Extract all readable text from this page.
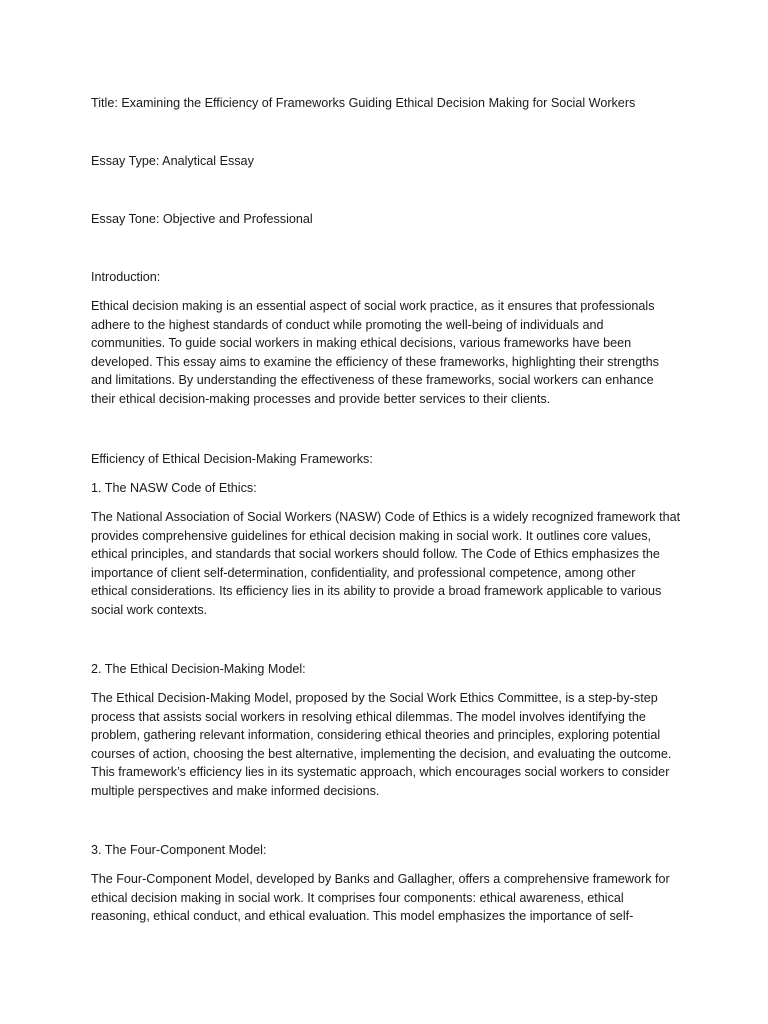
Title: Examining the Efficiency of Frameworks Guiding Ethical Decision Making for Social Workers

Essay Type: Analytical Essay

Essay Tone: Objective and Professional

Introduction:

Ethical decision making is an essential aspect of social work practice, as it ensures that professionals
adhere to the highest standards of conduct while promoting the well-being of individuals and
communities. To guide social workers in making ethical decisions, various frameworks have been
developed. This essay aims to examine the efficiency of these frameworks, highlighting their strengths
and limitations. By understanding the effectiveness of these frameworks, social workers can enhance
their ethical decision-making processes and provide better services to their clients.

Efficiency of Ethical Decision-Making Frameworks:

1. The NASW Code of Ethics:

The National Association of Social Workers (NASW) Code of Ethics is a widely recognized framework that
provides comprehensive guidelines for ethical decision making in social work. It outlines core values,
ethical principles, and standards that social workers should follow. The Code of Ethics emphasizes the
importance of client self-determination, confidentiality, and professional competence, among other
ethical considerations. Its efficiency lies in its ability to provide a broad framework applicable to various
social work contexts.

2. The Ethical Decision-Making Model:

The Ethical Decision-Making Model, proposed by the Social Work Ethics Committee, is a step-by-step
process that assists social workers in resolving ethical dilemmas. The model involves identifying the
problem, gathering relevant information, considering ethical theories and principles, exploring potential
courses of action, choosing the best alternative, implementing the decision, and evaluating the outcome.
This framework’s efficiency lies in its systematic approach, which encourages social workers to consider
multiple perspectives and make informed decisions.

3. The Four-Component Model:

The Four-Component Model, developed by Banks and Gallagher, offers a comprehensive framework for
ethical decision making in social work. It comprises four components: ethical awareness, ethical
reasoning, ethical conduct, and ethical evaluation. This model emphasizes the importance of self-
